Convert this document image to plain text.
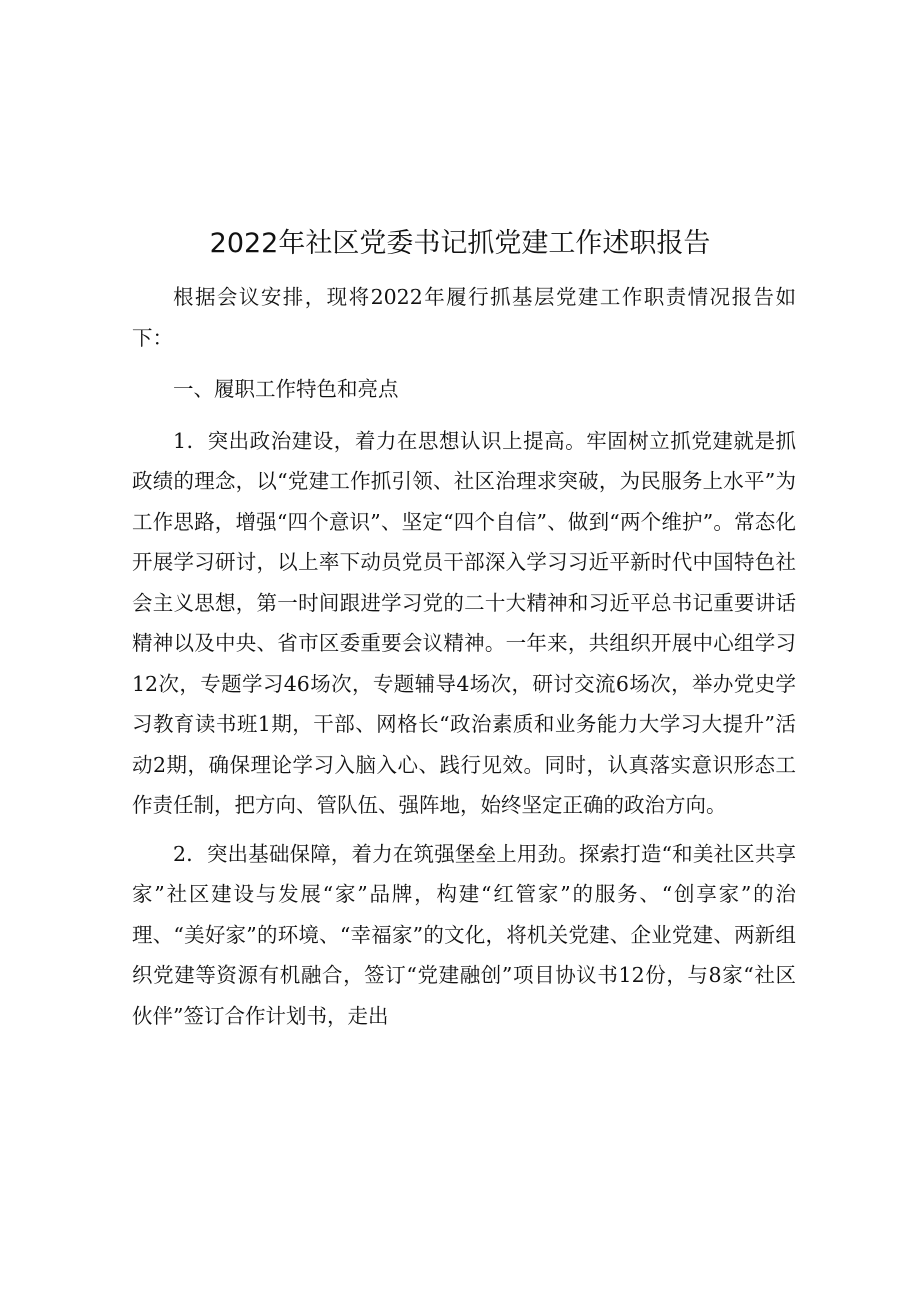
2022年社区党委书记抓党建工作述职报告

根据会议安排，现将2022年履行抓基层党建工作职责情况报告如下：

一、履职工作特色和亮点

1．突出政治建设，着力在思想认识上提高。牢固树立抓党建就是抓政绩的理念，以“党建工作抓引领、社区治理求突破，为民服务上水平”为工作思路，增强“四个意识”、坚定“四个自信”、做到“两个维护”。常态化开展学习研讨，以上率下动员党员干部深入学习习近平新时代中国特色社会主义思想，第一时间跟进学习党的二十大精神和习近平总书记重要讲话精神以及中央、省市区委重要会议精神。一年来，共组织开展中心组学习12次，专题学习46场次，专题辅导4场次，研讨交流6场次，举办党史学习教育读书班1期，干部、网格长“政治素质和业务能力大学习大提升”活动2期，确保理论学习入脑入心、践行见效。同时，认真落实意识形态工作责任制，把方向、管队伍、强阵地，始终坚定正确的政治方向。

2．突出基础保障，着力在筑强堡垒上用劲。探索打造“和美社区共享家”社区建设与发展“家”品牌，构建“红管家”的服务、“创享家”的治理、“美好家”的环境、“幸福家”的文化，将机关党建、企业党建、两新组织党建等资源有机融合，签订“党建融创”项目协议书12份，与8家“社区伙伴”签订合作计划书，走出
